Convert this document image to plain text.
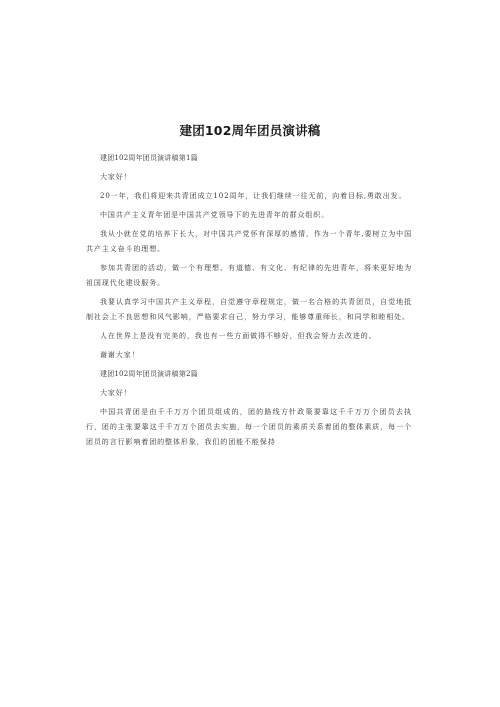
建团102周年团员演讲稿

建团102周年团员演讲稿第1篇

大家好！

20一年，我们将迎来共青团成立102周年，让我们继续一往无前，向着目标,勇敢出发。

中国共产主义青年团是中国共产党领导下的先进青年的群众组织。

我从小就在党的培养下长大，对中国共产党怀有深厚的感情，作为一个青年,要树立为中国共产主义奋斗的理想。

参加共青团的活动，做一个有理想、有道德、有文化、有纪律的先进青年，将来更好地为祖国现代化建设服务。

我要认真学习中国共产主义章程，自觉遵守章程规定，做一名合格的共青团员，自觉地抵制社会上不良思想和风气影响，严格要求自己，努力学习，能够尊重师长，和同学和睦相处。

人在世界上是没有完美的，我也有一些方面做得不够好，但我会努力去改进的。

谢谢大家！

建团102周年团员演讲稿第2篇

大家好！

中国共青团是由千千万万个团员组成的，团的路线方针政策要靠这千千万万个团员去执行，团的主张要靠这千千万万个团员去实施，每一个团员的素质关系着团的整体素质，每一个团员的言行影响着团的整体形象，我们的团能不能保持
